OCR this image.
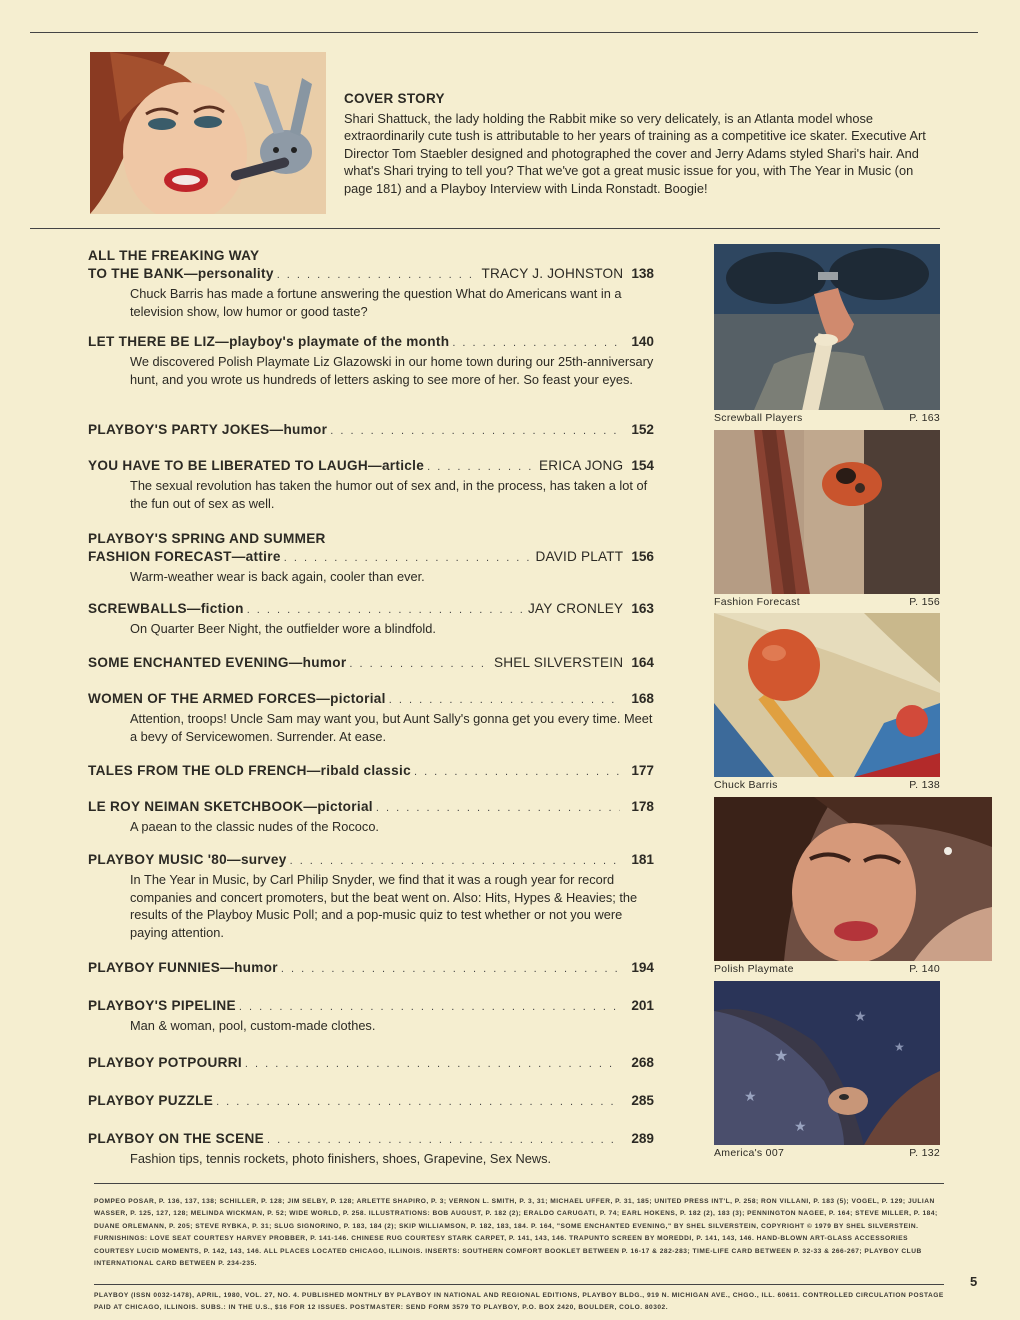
COVER STORY
Shari Shattuck, the lady holding the Rabbit mike so very delicately, is an Atlanta model whose extraordinarily cute tush is attributable to her years of training as a competitive ice skater. Executive Art Director Tom Staebler designed and photographed the cover and Jerry Adams styled Shari's hair. And what's Shari trying to tell you? That we've got a great music issue for you, with The Year in Music (on page 181) and a Playboy Interview with Linda Ronstadt. Boogie!
ALL THE FREAKING WAY
TO THE BANK — personality . . .	TRACY J. JOHNSTON 138
Chuck Barris has made a fortune answering the question What do Americans want in a television show, low humor or good taste?
LET THERE BE LIZ — playboy's playmate of the month . . .	140
We discovered Polish Playmate Liz Glazowski in our home town during our 25th-anniversary hunt, and you wrote us hundreds of letters asking to see more of her. So feast your eyes.
PLAYBOY'S PARTY JOKES — humor . . .	152
YOU HAVE TO BE LIBERATED TO LAUGH — article . . .	ERICA JONG 154
The sexual revolution has taken the humor out of sex and, in the process, has taken a lot of the fun out of sex as well.
PLAYBOY'S SPRING AND SUMMER
FASHION FORECAST — attire . . .	DAVID PLATT 156
Warm-weather wear is back again, cooler than ever.
SCREWBALLS — fiction . . .	JAY CRONLEY 163
On Quarter Beer Night, the outfielder wore a blindfold.
SOME ENCHANTED EVENING — humor . . .	SHEL SILVERSTEIN 164
WOMEN OF THE ARMED FORCES — pictorial . . .	168
Attention, troops! Uncle Sam may want you, but Aunt Sally's gonna get you every time. Meet a bevy of Servicewomen. Surrender. At ease.
TALES FROM THE OLD FRENCH — ribald classic . . .	177
LE ROY NEIMAN SKETCHBOOK — pictorial . . .	178
A paean to the classic nudes of the Rococo.
PLAYBOY MUSIC '80 — survey . . .	181
In The Year in Music, by Carl Philip Snyder, we find that it was a rough year for record companies and concert promoters, but the beat went on. Also: Hits, Hypes & Heavies; the results of the Playboy Music Poll; and a pop-music quiz to test whether or not you were paying attention.
PLAYBOY FUNNIES — humor . . .	194
PLAYBOY'S PIPELINE . . .	201
Man & woman, pool, custom-made clothes.
PLAYBOY POTPOURRI . . .	268
PLAYBOY PUZZLE . . .	285
PLAYBOY ON THE SCENE . . .	289
Fashion tips, tennis rockets, photo finishers, shoes, Grapevine, Sex News.
Screwball Players	P. 163
Fashion Forecast	P. 156
Chuck Barris	P. 138
Polish Playmate	P. 140
★
★
★
★
★
America's 007	P. 132
POMPEO POSAR, P. 136, 137, 138; SCHILLER, P. 128; JIM SELBY, P. 128; ARLETTE SHAPIRO, P. 3; VERNON L. SMITH, P. 3, 31; MICHAEL UFFER, P. 31, 185; UNITED PRESS INT'L, P. 258; RON VILLANI, P. 183 (5); VOGEL, P. 129; JULIAN WASSER, P. 125, 127, 128; MELINDA WICKMAN, P. 52; WIDE WORLD, P. 258. ILLUSTRATIONS: BOB AUGUST, P. 182 (2); ERALDO CARUGATI, P. 74; EARL HOKENS, P. 182 (2), 183 (3); PENNINGTON NAGEE, P. 164; STEVE MILLER, P. 184; DUANE ORLEMANN, P. 205; STEVE RYBKA, P. 31; SLUG SIGNORINO, P. 183, 184 (2); SKIP WILLIAMSON, P. 182, 183, 184. P. 164, "SOME ENCHANTED EVENING," BY SHEL SILVERSTEIN, COPYRIGHT © 1979 BY SHEL SILVERSTEIN. FURNISHINGS: LOVE SEAT COURTESY HARVEY PROBBER, P. 141-146. CHINESE RUG COURTESY STARK CARPET, P. 141, 143, 146. TRAPUNTO SCREEN BY MOREDDI, P. 141, 143, 146. HAND-BLOWN ART-GLASS ACCESSORIES COURTESY LUCID MOMENTS, P. 142, 143, 146. ALL PLACES LOCATED CHICAGO, ILLINOIS. INSERTS: SOUTHERN COMFORT BOOKLET BETWEEN P. 16-17 & 282-283; TIME-LIFE CARD BETWEEN P. 32-33 & 266-267; PLAYBOY CLUB INTERNATIONAL CARD BETWEEN P. 234-235.
PLAYBOY (ISSN 0032-1478), APRIL, 1980, VOL. 27, NO. 4. PUBLISHED MONTHLY BY PLAYBOY IN NATIONAL AND REGIONAL EDITIONS, PLAYBOY BLDG., 919 N. MICHIGAN AVE., CHGO., ILL. 60611. CONTROLLED CIRCULATION POSTAGE PAID AT CHICAGO, ILLINOIS. SUBS.: IN THE U.S., $16 FOR 12 ISSUES. POSTMASTER: SEND FORM 3579 TO PLAYBOY, P.O. BOX 2420, BOULDER, COLO. 80302.
5
